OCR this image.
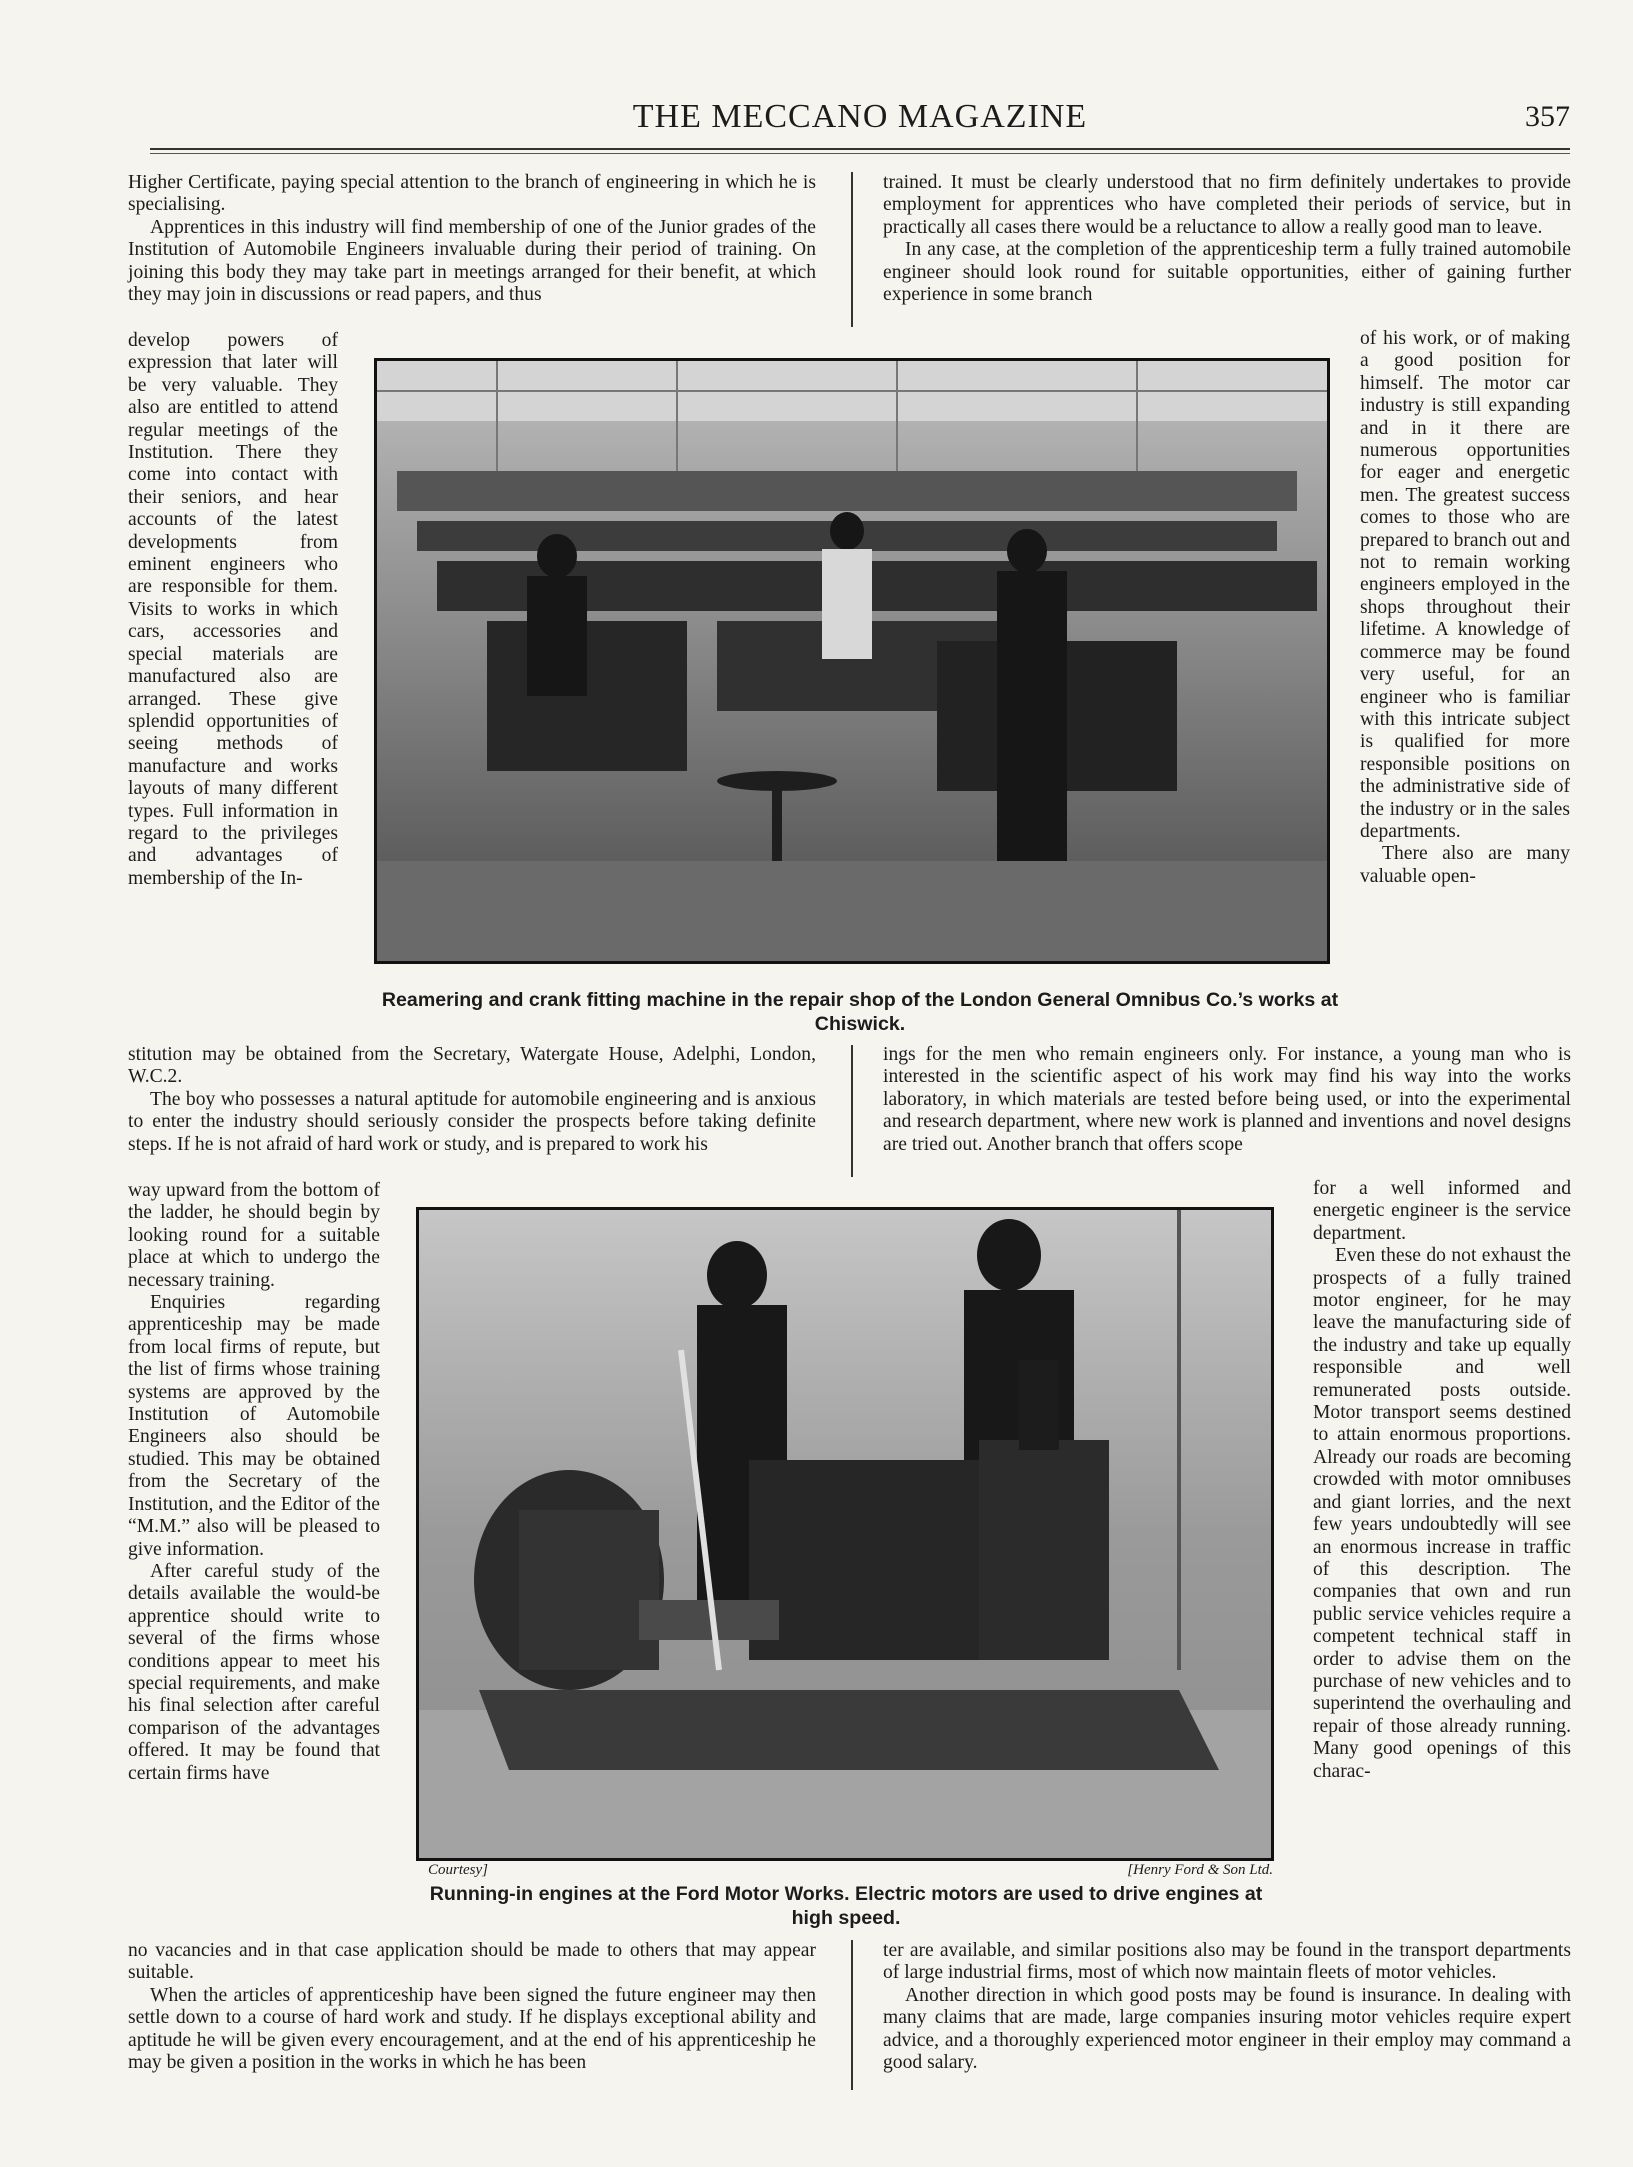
THE MECCANO MAGAZINE	357

Higher Certificate, paying special attention to the branch of engineering in which he is specialising.

Apprentices in this industry will find membership of one of the Junior grades of the Institution of Automobile Engineers invaluable during their period of training. On joining this body they may take part in meetings arranged for their benefit, at which they may join in discussions or read papers, and thus

develop powers of expression that later will be very valuable. They also are entitled to attend regular meetings of the Institution. There they come into contact with their seniors, and hear accounts of the latest developments from eminent engineers who are responsible for them. Visits to works in which cars, accessories and special materials are manufactured also are arranged. These give splendid opportunities of seeing methods of manufacture and works layouts of many different types. Full information in regard to the privileges and advantages of membership of the In-

stitution may be obtained from the Secretary, Watergate House, Adelphi, London, W.C.2.

The boy who possesses a natural aptitude for automobile engineering and is anxious to enter the industry should seriously consider the prospects before taking definite steps. If he is not afraid of hard work or study, and is prepared to work his

way upward from the bottom of the ladder, he should begin by looking round for a suitable place at which to undergo the necessary training.

Enquiries regarding apprenticeship may be made from local firms of repute, but the list of firms whose training systems are approved by the Institution of Automobile Engineers also should be studied. This may be obtained from the Secretary of the Institution, and the Editor of the “M.M.” also will be pleased to give information.

After careful study of the details available the would-be apprentice should write to several of the firms whose conditions appear to meet his special requirements, and make his final selection after careful comparison of the advantages offered. It may be found that certain firms have

no vacancies and in that case application should be made to others that may appear suitable.

When the articles of apprenticeship have been signed the future engineer may then settle down to a course of hard work and study. If he displays exceptional ability and aptitude he will be given every encouragement, and at the end of his apprenticeship he may be given a position in the works in which he has been

trained. It must be clearly understood that no firm definitely undertakes to provide employment for apprentices who have completed their periods of service, but in practically all cases there would be a reluctance to allow a really good man to leave.

In any case, at the completion of the apprenticeship term a fully trained automobile engineer should look round for suitable opportunities, either of gaining further experience in some branch

of his work, or of making a good position for himself. The motor car industry is still expanding and in it there are numerous opportunities for eager and energetic men. The greatest success comes to those who are prepared to branch out and not to remain working engineers employed in the shops throughout their lifetime. A knowledge of commerce may be found very useful, for an engineer who is familiar with this intricate subject is qualified for more responsible positions on the administrative side of the industry or in the sales departments.

There also are many valuable open-

ings for the men who remain engineers only. For instance, a young man who is interested in the scientific aspect of his work may find his way into the works laboratory, in which materials are tested before being used, or into the experimental and research department, where new work is planned and inventions and novel designs are tried out. Another branch that offers scope

for a well informed and energetic engineer is the service department.

Even these do not exhaust the prospects of a fully trained motor engineer, for he may leave the manufacturing side of the industry and take up equally responsible and well remunerated posts outside. Motor transport seems destined to attain enormous proportions. Already our roads are becoming crowded with motor omnibuses and giant lorries, and the next few years undoubtedly will see an enormous increase in traffic of this description. The companies that own and run public service vehicles require a competent technical staff in order to advise them on the purchase of new vehicles and to superintend the overhauling and repair of those already running. Many good openings of this charac-

ter are available, and similar positions also may be found in the transport departments of large industrial firms, most of which now maintain fleets of motor vehicles.

Another direction in which good posts may be found is insurance. In dealing with many claims that are made, large companies insuring motor vehicles require expert advice, and a thoroughly experienced motor engineer in their employ may command a good salary.

Reamering and crank fitting machine in the repair shop of the London General Omnibus Co.’s works at Chiswick.
Courtesy]	[Henry Ford & Son Ltd.
Running-in engines at the Ford Motor Works. Electric motors are used to drive engines at high speed.
